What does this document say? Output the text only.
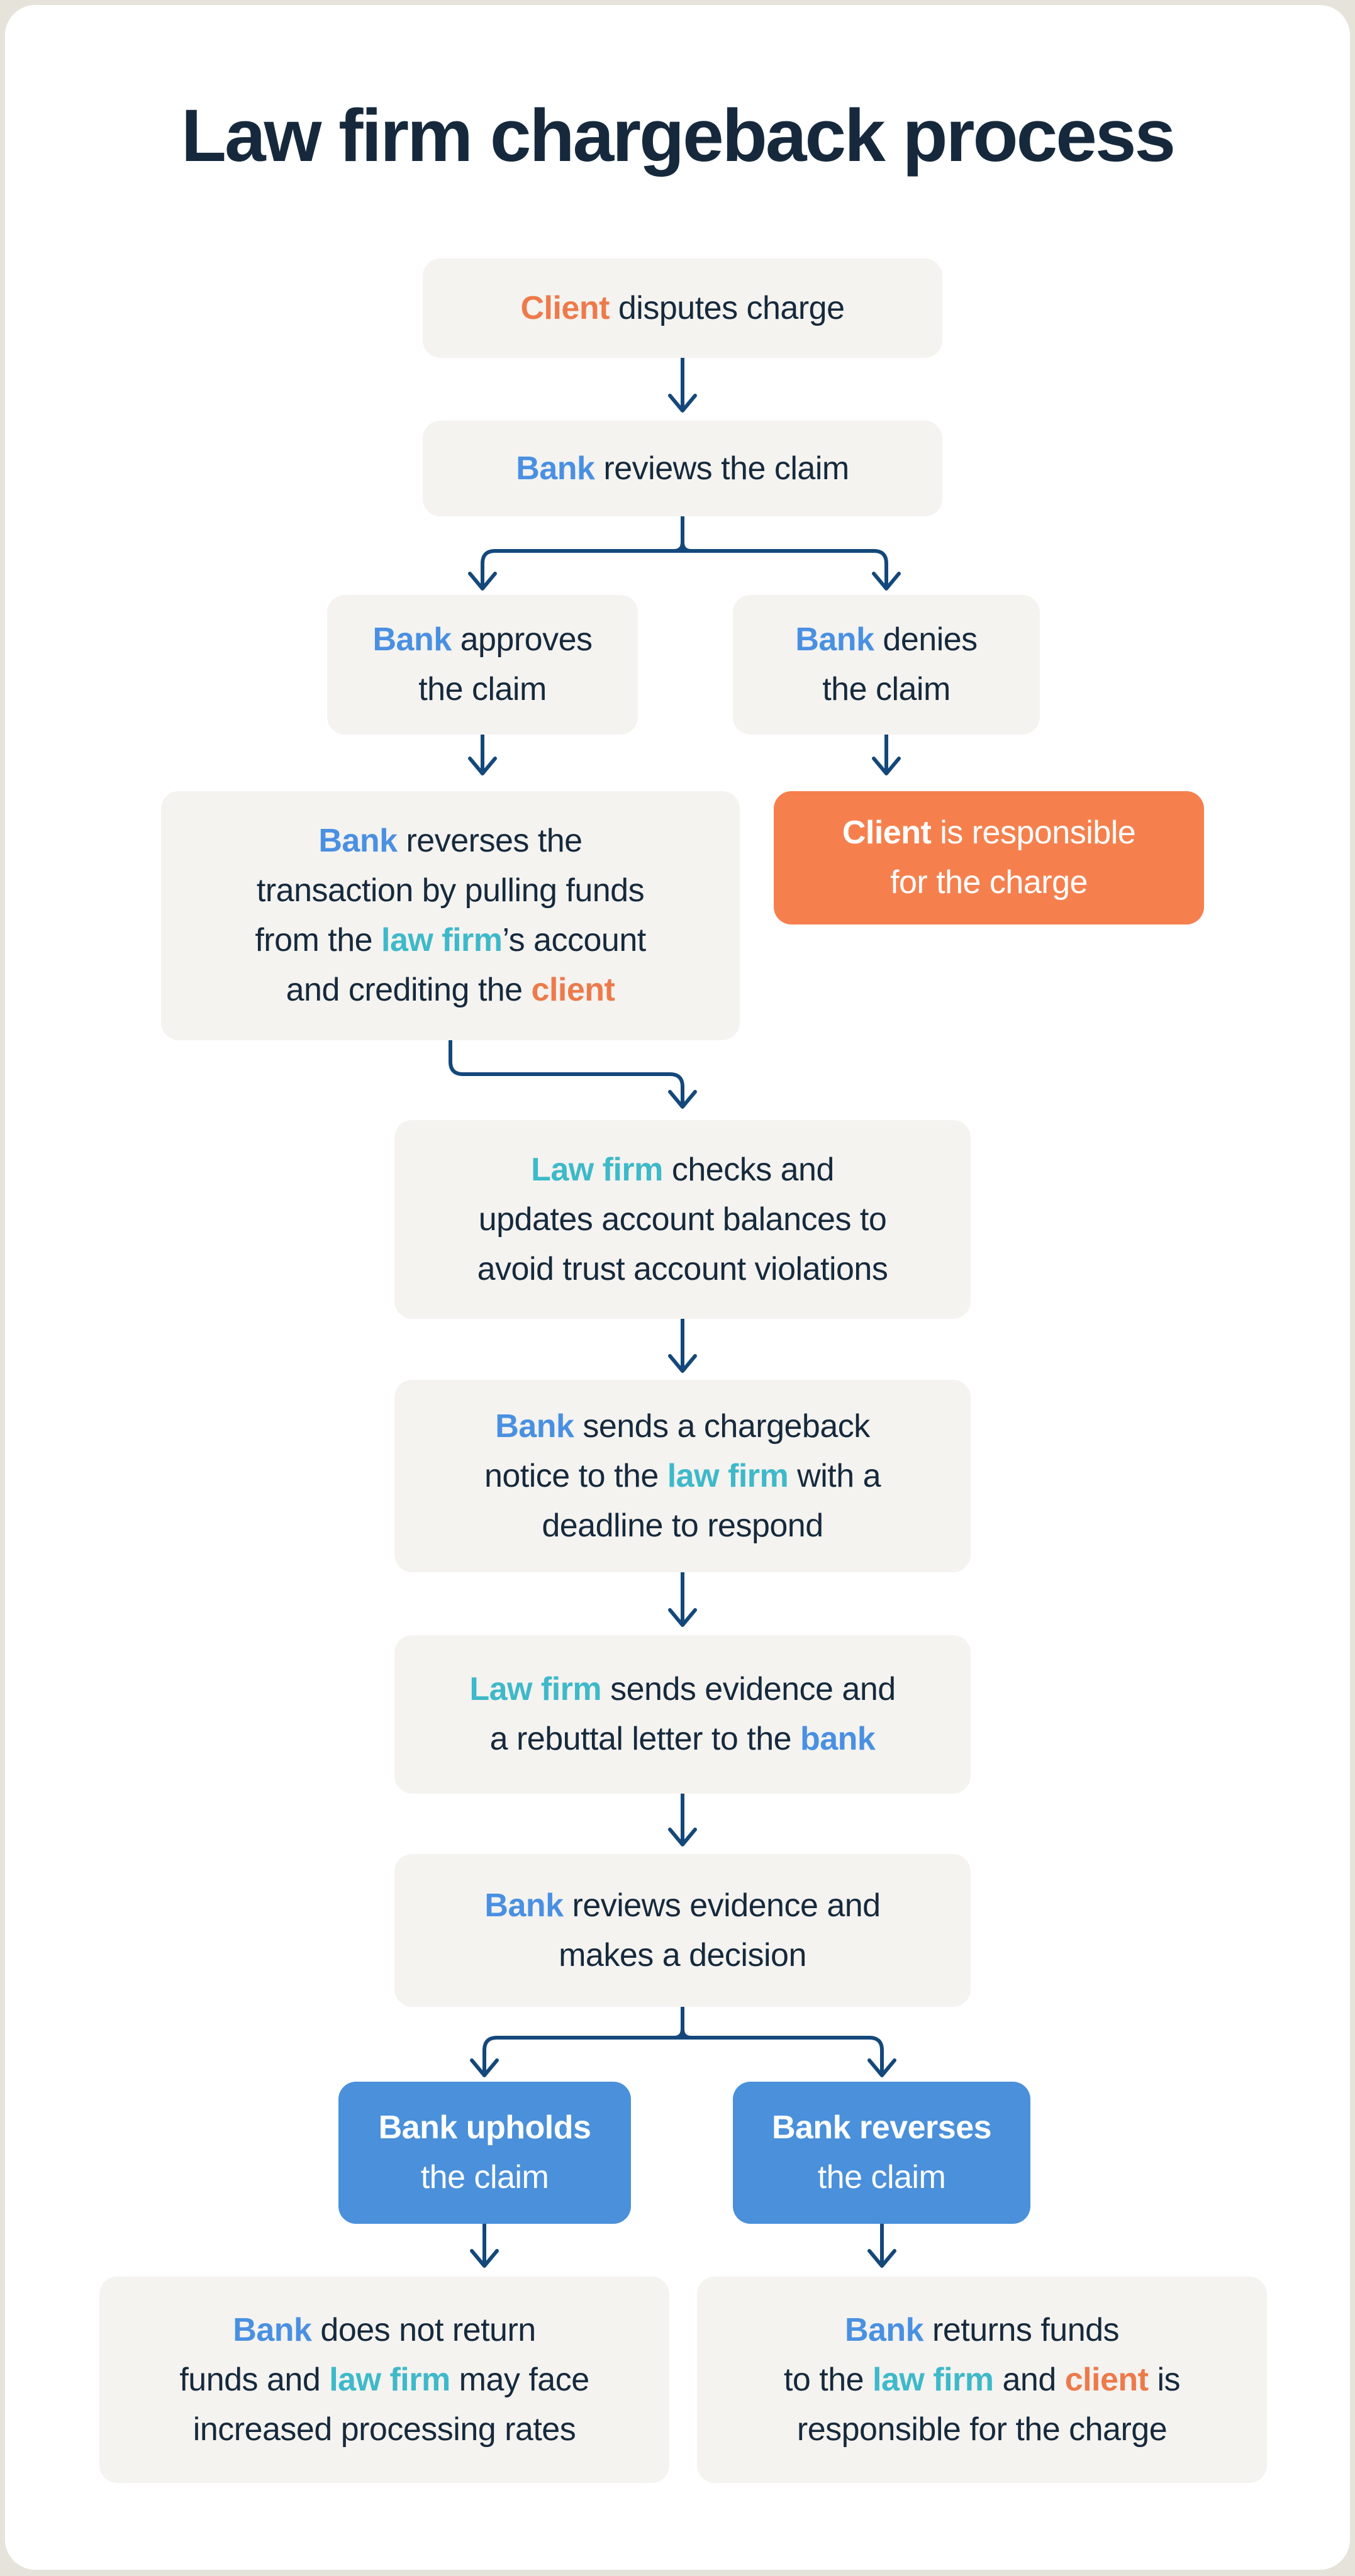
Law firm chargeback process
Client disputes charge
Bank reviews the claim
Bank approves
the claim
Bank denies
the claim
Bank reverses the
transaction by pulling funds
from the law firm’s account
and crediting the client
Client is responsible
for the charge
Law firm checks and
updates account balances to
avoid trust account violations
Bank sends a chargeback
notice to the law firm with a
deadline to respond
Law firm sends evidence and
a rebuttal letter to the bank
Bank reviews evidence and
makes a decision
Bank upholds
the claim
Bank reverses
the claim
Bank does not return
funds and law firm may face
increased processing rates
Bank returns funds
to the law firm and client is
responsible for the charge
